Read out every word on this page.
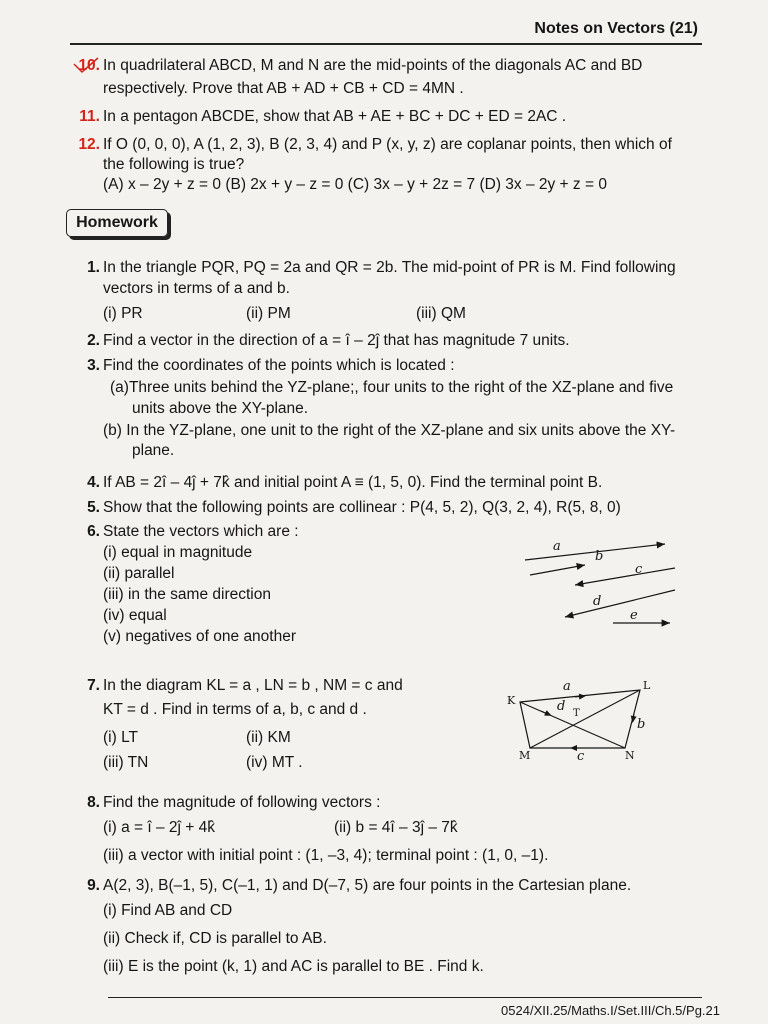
Notes on Vectors (21)
10. In quadrilateral ABCD, M and N are the mid-points of the diagonals AC and BD
respectively. Prove that AB + AD + CB + CD = 4MN .
11. In a pentagon ABCDE, show that AB + AE + BC + DC + ED = 2AC .
12. If O (0, 0, 0), A (1, 2, 3), B (2, 3, 4) and P (x, y, z) are coplanar points, then which of
the following is true?
(A) x – 2y + z = 0 (B) 2x + y – z = 0 (C) 3x – y + 2z = 7 (D) 3x – 2y + z = 0
Homework
1. In the triangle PQR, PQ = 2a and QR = 2b. The mid-point of PR is M. Find following
vectors in terms of a and b.
(i) PR	(ii) PM	(iii) QM
2. Find a vector in the direction of a = î – 2ĵ that has magnitude 7 units.
3. Find the coordinates of the points which is located :
(a)Three units behind the YZ-plane;, four units to the right of the XZ-plane and five
units above the XY-plane.
(b) In the YZ-plane, one unit to the right of the XZ-plane and six units above the XY-
plane.
4. If AB = 2î – 4ĵ + 7k̂ and initial point A ≡ (1, 5, 0). Find the terminal point B.
5. Show that the following points are collinear : P(4, 5, 2), Q(3, 2, 4), R(5, 8, 0)
6. State the vectors which are :
(i) equal in magnitude
(ii) parallel
(iii) in the same direction
(iv) equal
(v) negatives of one another
a
b
c
d
e
7. In the diagram KL = a , LN = b , NM = c and
KT = d . Find in terms of a, b, c and d .
(i) LT	(ii) KM
(iii) TN	(iv) MT .
K
L
M	N
T
a
b
c
d
8. Find the magnitude of following vectors :
(i) a = î – 2ĵ + 4k̂	(ii) b = 4î – 3ĵ – 7k̂
(iii) a vector with initial point : (1, –3, 4); terminal point : (1, 0, –1).
9. A(2, 3), B(–1, 5), C(–1, 1) and D(–7, 5) are four points in the Cartesian plane.
(i) Find AB and CD
(ii) Check if, CD is parallel to AB.
(iii) E is the point (k, 1) and AC is parallel to BE . Find k.
0524/XII.25/Maths.I/Set.III/Ch.5/Pg.21
